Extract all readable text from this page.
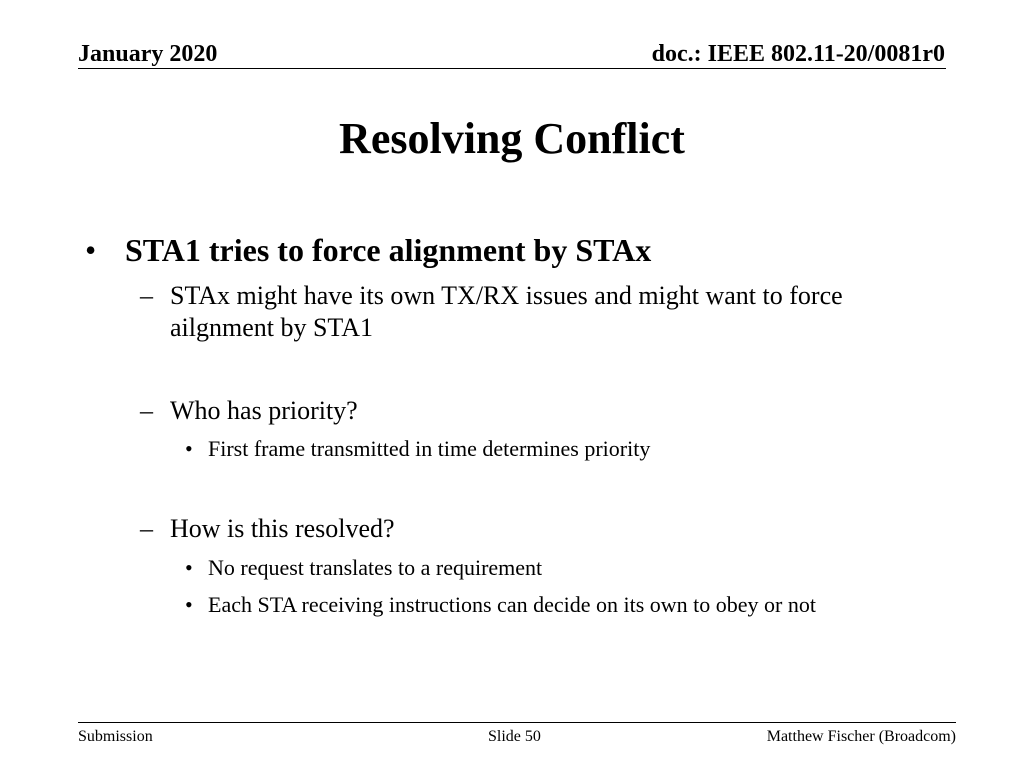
January 2020	doc.: IEEE 802.11-20/0081r0
Resolving Conflict
• STA1 tries to force alignment by STAx
– STAx might have its own TX/RX issues and might want to force ailgnment by STA1
– Who has priority?
• First frame transmitted in time determines priority
– How is this resolved?
• No request translates to a requirement
• Each STA receiving instructions can decide on its own to obey or not
Submission	Slide 50	Matthew Fischer (Broadcom)
